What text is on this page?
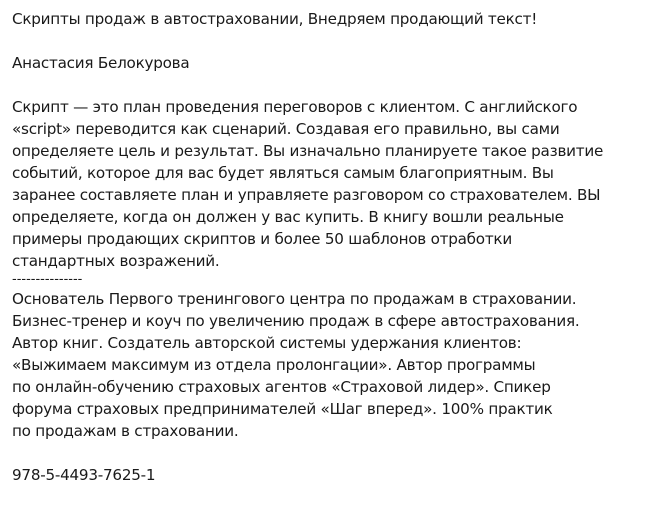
Скрипты продаж в автостраховании, Внедряем продающий текст!
Анастасия Белокурова
Скрипт — это план проведения переговоров с клиентом. С английского
«script» переводится как сценарий. Создавая его правильно, вы сами
определяете цель и результат. Вы изначально планируете такое развитие
событий, которое для вас будет являться самым благоприятным. Вы
заранее составляете план и управляете разговором со страхователем. ВЫ
определяете, когда он должен у вас купить. В книгу вошли реальные
примеры продающих скриптов и более 50 шаблонов отработки
стандартных возражений.
---------------
Основатель Первого тренингового центра по продажам в страховании.
Бизнес-тренер и коуч по увеличению продаж в сфере автострахования.
Автор книг. Создатель авторской системы удержания клиентов:
«Выжимаем максимум из отдела пролонгации». Автор программы
по онлайн-обучению страховых агентов «Страховой лидер». Спикер
форума страховых предпринимателей «Шаг вперед». 100% практик
по продажам в страховании.
978-5-4493-7625-1
